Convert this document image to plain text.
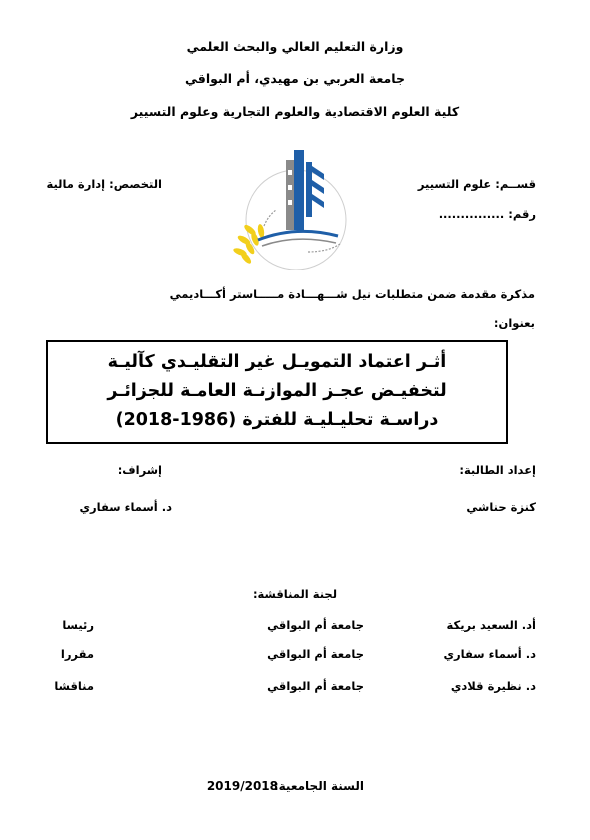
وزارة التعليم العالي والبحث العلمي
جامعة العربي بن مهيدي، أم البواقي
كلية العلوم الاقتصادية والعلوم التجارية وعلوم التسيير
قســم: علوم التسيير
التخصص: إدارة مالية
رقم: ...............
مذكرة مقدمة ضمن متطلبات نيل شـــهـــادة مـــــاستر أكـــاديمي
بعنوان:
أثـر اعتماد التمويـل غير التقليـدي كآليـة
لتخفيـض عجـز الموازنـة العامـة للجزائـر
دراسـة تحليـليـة للفترة (1986-2018)
إعداد الطالبة:
إشراف:
كنزة حناشي
د. أسماء سفاري
لجنة المناقشة:
أد. السعيد بريكة
جامعة أم البواقي
رئيسا
د. أسماء سفاري
جامعة أم البواقي
مقررا
د. نظيرة قلادي
جامعة أم البواقي
مناقشا
السنة الجامعية:
2019/2018
